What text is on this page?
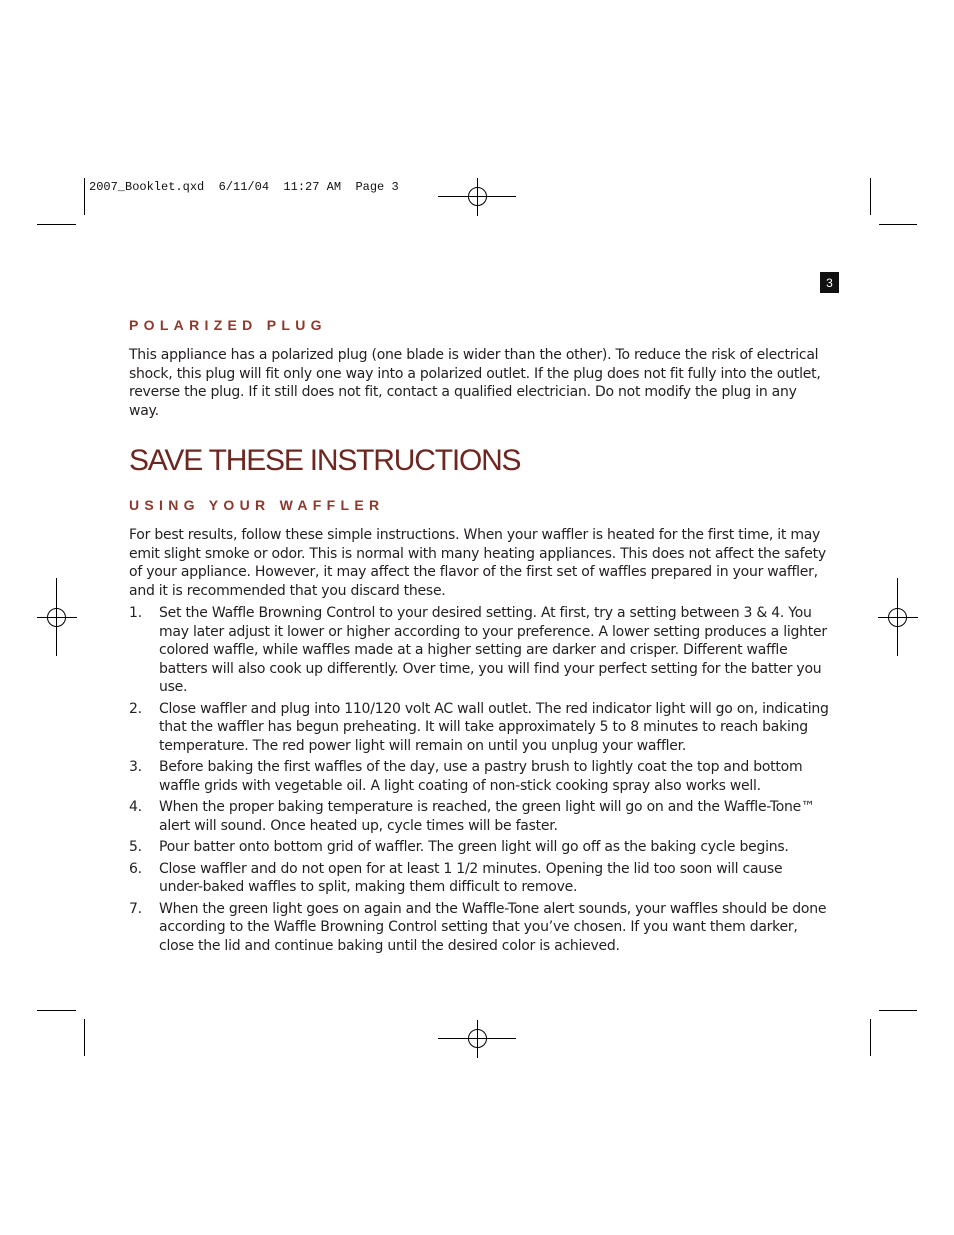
2007_Booklet.qxd  6/11/04  11:27 AM  Page 3
3
POLARIZED PLUG

This appliance has a polarized plug (one blade is wider than the other). To reduce the risk of electrical shock, this plug will fit only one way into a polarized outlet. If the plug does not fit fully into the outlet, reverse the plug. If it still does not fit, contact a qualified electrician. Do not modify the plug in any way.

SAVE THESE INSTRUCTIONS
USING YOUR WAFFLER

For best results, follow these simple instructions. When your waffler is heated for the first time, it may emit slight smoke or odor. This is normal with many heating appliances. This does not affect the safety of your appliance. However, it may affect the flavor of the first set of waffles prepared in your waffler, and it is recommended that you discard these.

1. Set the Waffle Browning Control to your desired setting. At first, try a setting between 3 & 4. You may later adjust it lower or higher according to your preference. A lower setting produces a lighter colored waffle, while waffles made at a higher setting are darker and crisper. Different waffle batters will also cook up differently. Over time, you will find your perfect setting for the batter you use.
2. Close waffler and plug into 110/120 volt AC wall outlet. The red indicator light will go on, indicating that the waffler has begun preheating. It will take approximately 5 to 8 minutes to reach baking temperature. The red power light will remain on until you unplug your waffler.
3. Before baking the first waffles of the day, use a pastry brush to lightly coat the top and bottom waffle grids with vegetable oil. A light coating of non-stick cooking spray also works well.
4. When the proper baking temperature is reached, the green light will go on and the Waffle-Tone™ alert will sound. Once heated up, cycle times will be faster.
5. Pour batter onto bottom grid of waffler. The green light will go off as the baking cycle begins.
6. Close waffler and do not open for at least 1 1/2 minutes. Opening the lid too soon will cause under-baked waffles to split, making them difficult to remove.
7. When the green light goes on again and the Waffle-Tone alert sounds, your waffles should be done according to the Waffle Browning Control setting that you’ve chosen. If you want them darker, close the lid and continue baking until the desired color is achieved.
